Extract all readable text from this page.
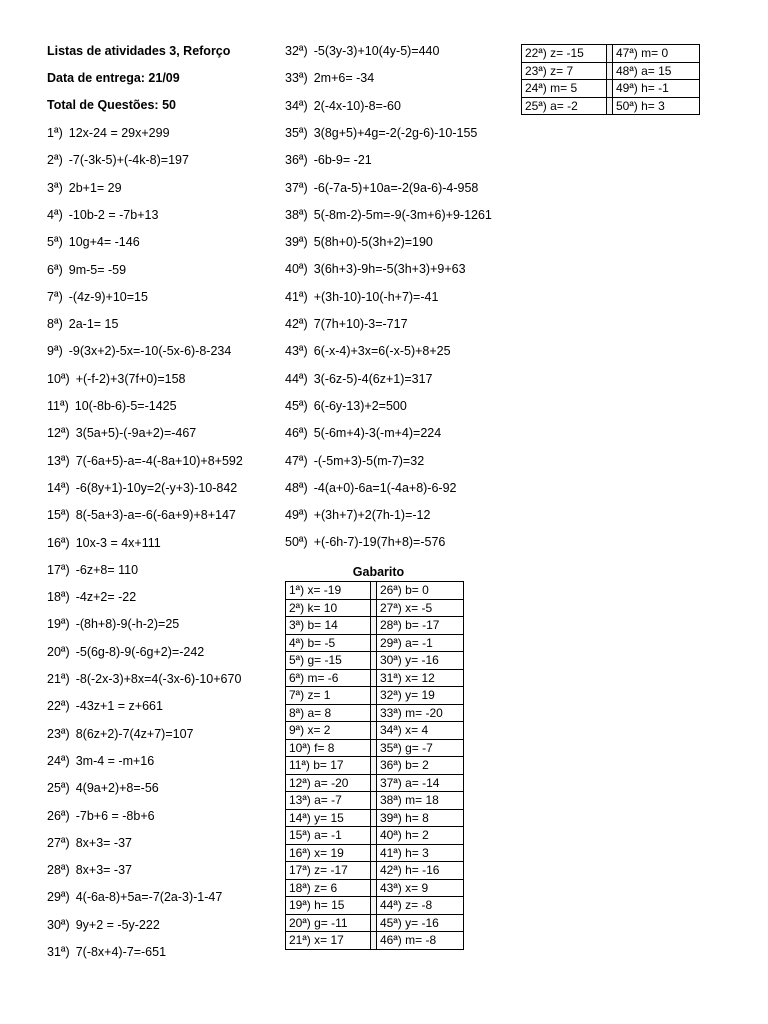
Listas de atividades 3, Reforço
Data de entrega: 21/09
Total de Questões: 50
1ª) 12x-24 = 29x+299
2ª) -7(-3k-5)+(-4k-8)=197
3ª) 2b+1= 29
4ª) -10b-2 = -7b+13
5ª) 10g+4= -146
6ª) 9m-5= -59
7ª) -(4z-9)+10=15
8ª) 2a-1= 15
9ª) -9(3x+2)-5x=-10(-5x-6)-8-234
10ª) +(-f-2)+3(7f+0)=158
11ª) 10(-8b-6)-5=-1425
12ª) 3(5a+5)-(-9a+2)=-467
13ª) 7(-6a+5)-a=-4(-8a+10)+8+592
14ª) -6(8y+1)-10y=2(-y+3)-10-842
15ª) 8(-5a+3)-a=-6(-6a+9)+8+147
16ª) 10x-3 = 4x+111
17ª) -6z+8= 110
18ª) -4z+2= -22
19ª) -(8h+8)-9(-h-2)=25
20ª) -5(6g-8)-9(-6g+2)=-242
21ª) -8(-2x-3)+8x=4(-3x-6)-10+670
22ª) -43z+1 = z+661
23ª) 8(6z+2)-7(4z+7)=107
24ª) 3m-4 = -m+16
25ª) 4(9a+2)+8=-56
26ª) -7b+6 = -8b+6
27ª) 8x+3= -37
28ª) 8x+3= -37
29ª) 4(-6a-8)+5a=-7(2a-3)-1-47
30ª) 9y+2 = -5y-222
31ª) 7(-8x+4)-7=-651
32ª) -5(3y-3)+10(4y-5)=440
33ª) 2m+6= -34
34ª) 2(-4x-10)-8=-60
35ª) 3(8g+5)+4g=-2(-2g-6)-10-155
36ª) -6b-9= -21
37ª) -6(-7a-5)+10a=-2(9a-6)-4-958
38ª) 5(-8m-2)-5m=-9(-3m+6)+9-1261
39ª) 5(8h+0)-5(3h+2)=190
40ª) 3(6h+3)-9h=-5(3h+3)+9+63
41ª) +(3h-10)-10(-h+7)=-41
42ª) 7(7h+10)-3=-717
43ª) 6(-x-4)+3x=6(-x-5)+8+25
44ª) 3(-6z-5)-4(6z+1)=317
45ª) 6(-6y-13)+2=500
46ª) 5(-6m+4)-3(-m+4)=224
47ª) -(-5m+3)-5(m-7)=32
48ª) -4(a+0)-6a=1(-4a+8)-6-92
49ª) +(3h+7)+2(7h-1)=-12
50ª) +(-6h-7)-19(7h+8)=-576
Gabarito
1ª) x= -19		26ª) b= 0
2ª) k= 10		27ª) x= -5
3ª) b= 14		28ª) b= -17
4ª) b= -5		29ª) a= -1
5ª) g= -15		30ª) y= -16
6ª) m= -6		31ª) x= 12
7ª) z= 1		32ª) y= 19
8ª) a= 8		33ª) m= -20
9ª) x= 2		34ª) x= 4
10ª) f= 8		35ª) g= -7
11ª) b= 17		36ª) b= 2
12ª) a= -20		37ª) a= -14
13ª) a= -7		38ª) m= 18
14ª) y= 15		39ª) h= 8
15ª) a= -1		40ª) h= 2
16ª) x= 19		41ª) h= 3
17ª) z= -17		42ª) h= -16
18ª) z= 6		43ª) x= 9
19ª) h= 15		44ª) z= -8
20ª) g= -11		45ª) y= -16
21ª) x= 17		46ª) m= -8
22ª) z= -15		47ª) m= 0
23ª) z= 7		48ª) a= 15
24ª) m= 5		49ª) h= -1
25ª) a= -2		50ª) h= 3
